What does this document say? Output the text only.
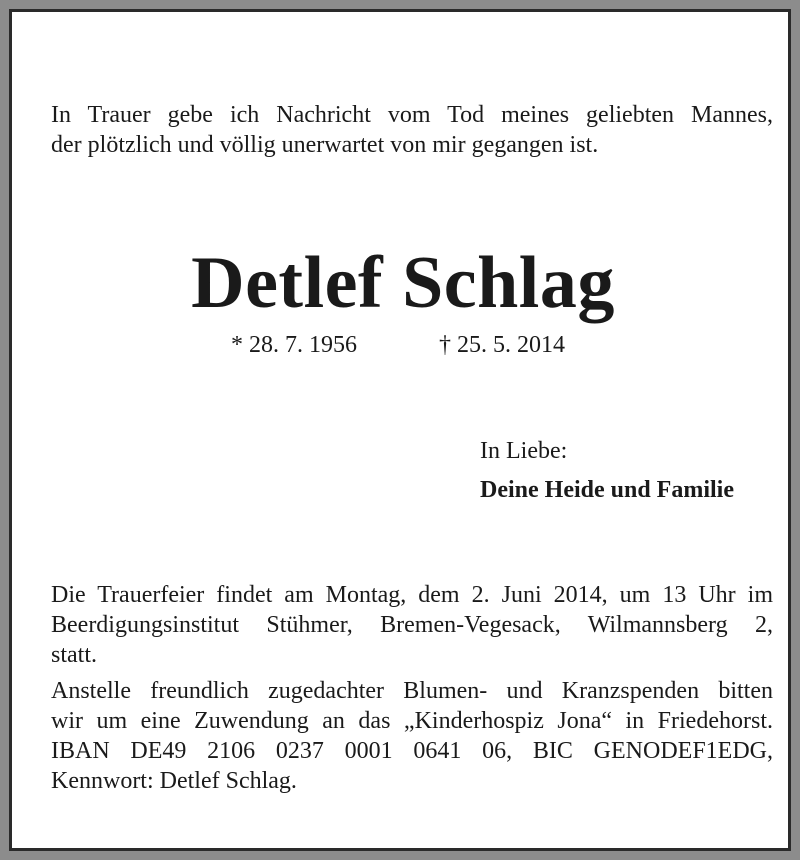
In Trauer gebe ich Nachricht vom Tod meines geliebten Mannes,
der plötzlich und völlig unerwartet von mir gegangen ist.

Detlef Schlag
* 28. 7. 1956	† 25. 5. 2014
In Liebe:
Deine Heide und Familie

Die Trauerfeier findet am Montag, dem 2. Juni 2014, um 13 Uhr im
Beerdigungsinstitut Stühmer, Bremen-Vegesack, Wilmannsberg 2,
statt.

Anstelle freundlich zugedachter Blumen- und Kranzspenden bitten
wir um eine Zuwendung an das „Kinderhospiz Jona“ in Friedehorst.
IBAN DE49 2106 0237 0001 0641 06, BIC GENODEF1EDG,
Kennwort: Detlef Schlag.
